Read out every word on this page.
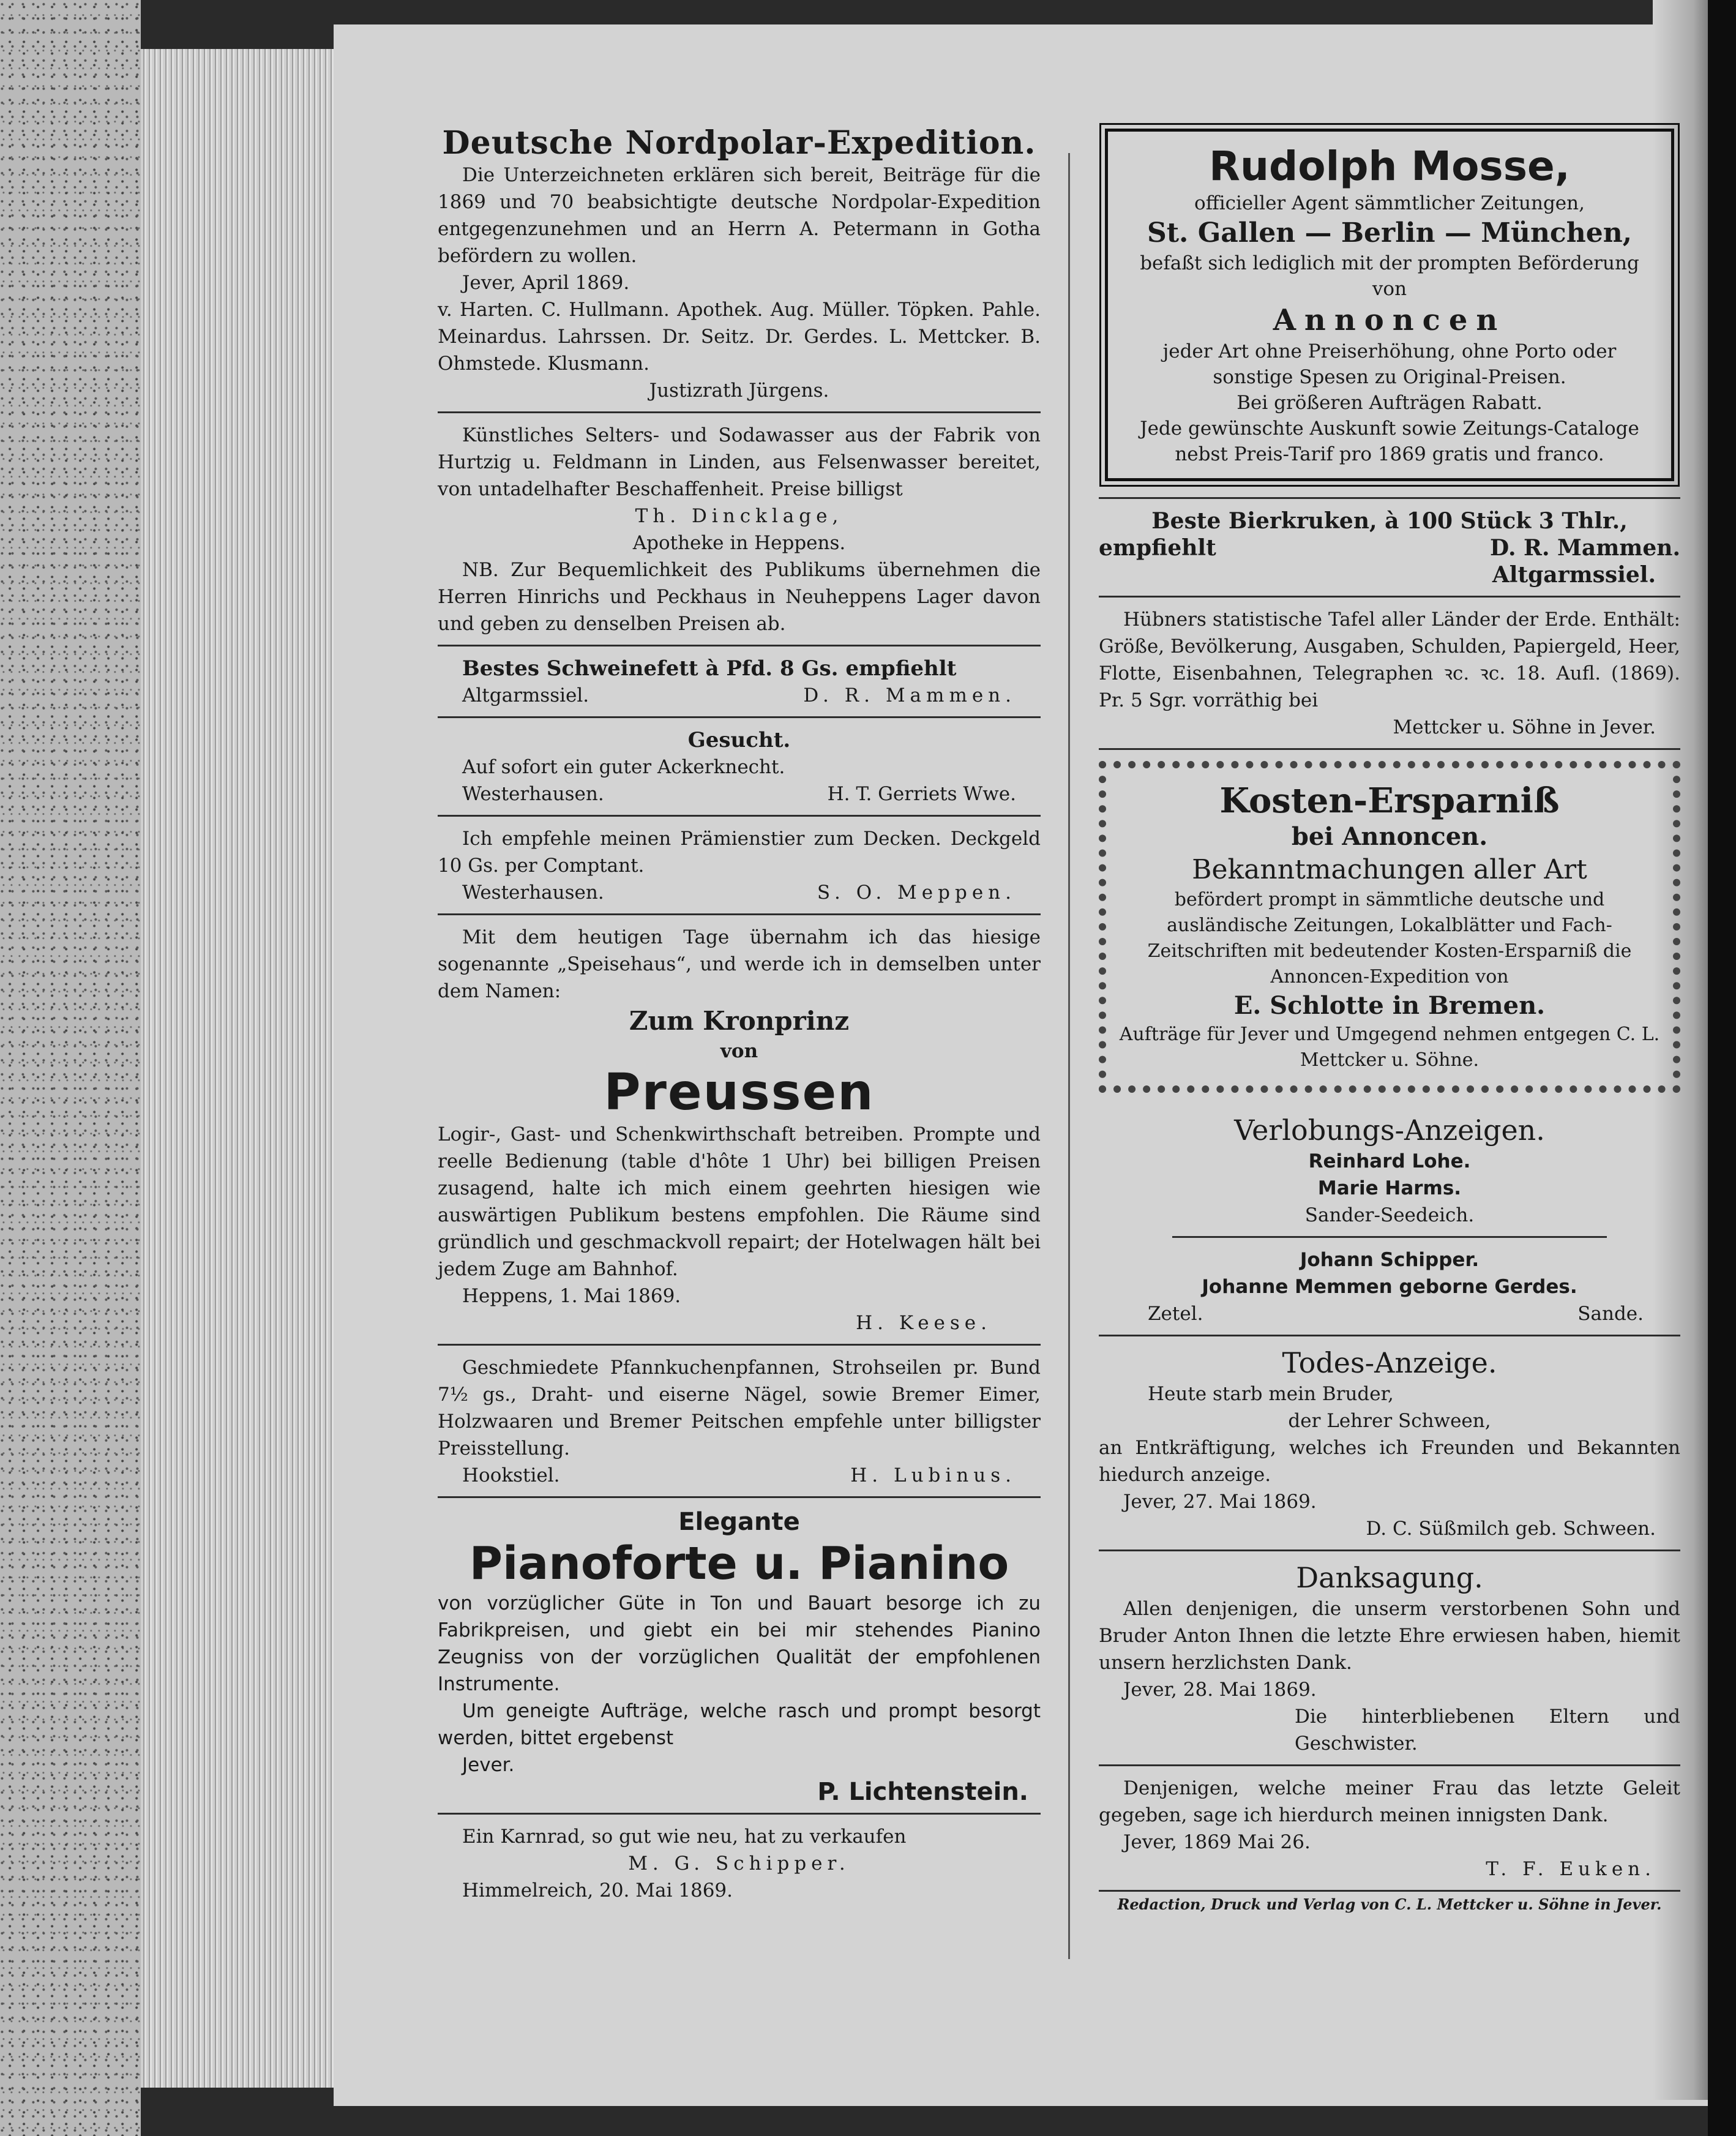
Deutsche Nordpolar-Expedition.

Die Unterzeichneten erklären sich bereit, Beiträge für die 1869 und 70 beabsichtigte deutsche Nordpolar-Expedition entgegenzunehmen und an Herrn A. Petermann in Gotha befördern zu wollen.

Jever, April 1869.

v. Harten. C. Hullmann. Apothek. Aug. Müller. Töpken. Pahle. Meinardus. Lahrssen. Dr. Seitz. Dr. Gerdes. L. Mettcker. B. Ohmstede. Klusmann.

Justizrath Jürgens.

Künstliches Selters- und Sodawasser aus der Fabrik von Hurtzig u. Feldmann in Linden, aus Felsenwasser bereitet, von untadelhafter Beschaffenheit. Preise billigst

Th. Dincklage,

Apotheke in Heppens.

NB. Zur Bequemlichkeit des Publikums übernehmen die Herren Hinrichs und Peckhaus in Neuheppens Lager davon und geben zu denselben Preisen ab.

Bestes Schweinefett à Pfd. 8 Gs. empfiehlt

Altgarmssiel.	D. R. Mammen.
Gesucht.

Auf sofort ein guter Ackerknecht.

Westerhausen.	H. T. Gerriets Wwe.

Ich empfehle meinen Prämienstier zum Decken. Deckgeld 10 Gs. per Comptant.

Westerhausen.	S. O. Meppen.

Mit dem heutigen Tage übernahm ich das hiesige sogenannte „Speisehaus“, und werde ich in demselben unter dem Namen:

Zum Kronprinz
von
Preussen

Logir-, Gast- und Schenkwirthschaft betreiben. Prompte und reelle Bedienung (table d'hôte 1 Uhr) bei billigen Preisen zusagend, halte ich mich einem geehrten hiesigen wie auswärtigen Publikum bestens empfohlen. Die Räume sind gründlich und geschmackvoll repairt; der Hotelwagen hält bei jedem Zuge am Bahnhof.

Heppens, 1. Mai 1869.

H. Keese.

Geschmiedete Pfannkuchenpfannen, Strohseilen pr. Bund 7½ gs., Draht- und eiserne Nägel, sowie Bremer Eimer, Holzwaaren und Bremer Peitschen empfehle unter billigster Preisstellung.

Hookstiel.	H. Lubinus.
Elegante
Pianoforte u. Pianino

von vorzüglicher Güte in Ton und Bauart besorge ich zu Fabrikpreisen, und giebt ein bei mir stehendes Pianino Zeugniss von der vorzüglichen Qualität der empfohlenen Instrumente.

Um geneigte Aufträge, welche rasch und prompt besorgt werden, bittet ergebenst

Jever.

P. Lichtenstein.

Ein Karnrad, so gut wie neu, hat zu verkaufen

M. G. Schipper.

Himmelreich, 20. Mai 1869.

Rudolph Mosse,
officieller Agent sämmtlicher Zeitungen,
St. Gallen — Berlin — München,
befaßt sich lediglich mit der prompten Beförderung von
Annoncen
jeder Art ohne Preiserhöhung, ohne Porto oder sonstige Spesen zu Original-Preisen.
Bei größeren Aufträgen Rabatt.
Jede gewünschte Auskunft sowie Zeitungs-Cataloge nebst Preis-Tarif pro 1869 gratis und franco.
Beste Bierkruken, à 100 Stück 3 Thlr.,
empfiehlt	D. R. Mammen.
Altgarmssiel.

Hübners statistische Tafel aller Länder der Erde. Enthält: Größe, Bevölkerung, Ausgaben, Schulden, Papiergeld, Heer, Flotte, Eisenbahnen, Telegraphen ꝛc. ꝛc. 18. Aufl. (1869). Pr. 5 Sgr. vorräthig bei

Mettcker u. Söhne in Jever.

Kosten-Ersparniß
bei Annoncen.
Bekanntmachungen aller Art

befördert prompt in sämmtliche deutsche und ausländische Zeitungen, Lokalblätter und Fach-Zeitschriften mit bedeutender Kosten-Ersparniß die Annoncen-Expedition von

E. Schlotte in Bremen.

Aufträge für Jever und Umgegend nehmen entgegen C. L. Mettcker u. Söhne.

Verlobungs-Anzeigen.
Reinhard Lohe.
Marie Harms.
Sander-Seedeich.
Johann Schipper.
Johanne Memmen geborne Gerdes.
Zetel.	Sande.
Todes-Anzeige.
Heute starb mein Bruder,
der Lehrer Schween,

an Entkräftigung, welches ich Freunden und Bekannten hiedurch anzeige.

Jever, 27. Mai 1869.

D. C. Süßmilch geb. Schween.

Danksagung.

Allen denjenigen, die unserm verstorbenen Sohn und Bruder Anton Ihnen die letzte Ehre erwiesen haben, hiemit unsern herzlichsten Dank.

Jever, 28. Mai 1869.

Die hinterbliebenen Eltern und Geschwister.

Denjenigen, welche meiner Frau das letzte Geleit gegeben, sage ich hierdurch meinen innigsten Dank.

Jever, 1869 Mai 26.

T. F. Euken.

Redaction, Druck und Verlag von C. L. Mettcker u. Söhne in Jever.
